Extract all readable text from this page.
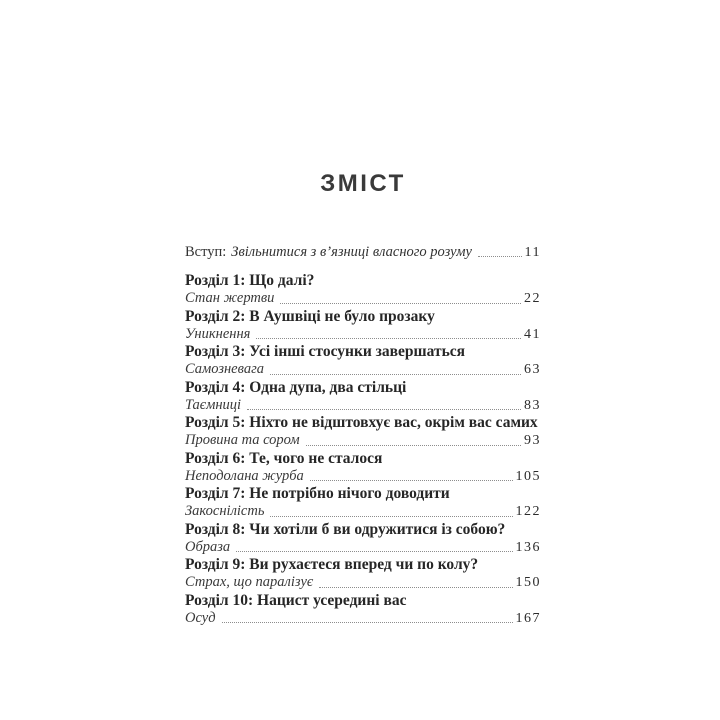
ЗМІСТ
Вступ: Звільнитися з в’язниці власного розуму	11
Розділ 1: Що далі?
Стан жертви	22
Розділ 2: В Аушвіці не було прозаку
Уникнення	41
Розділ 3: Усі інші стосунки завершаться
Самозневага	63
Розділ 4: Одна дупа, два стільці
Таємниці	83
Розділ 5: Ніхто не відштовхує вас, окрім вас самих
Провина та сором	93
Розділ 6: Те, чого не сталося
Неподолана журба	105
Розділ 7: Не потрібно нічого доводити
Закоснілість	122
Розділ 8: Чи хотіли б ви одружитися із собою?
Образа	136
Розділ 9: Ви рухаєтеся вперед чи по колу?
Страх, що паралізує	150
Розділ 10: Нацист усередині вас
Осуд	167
